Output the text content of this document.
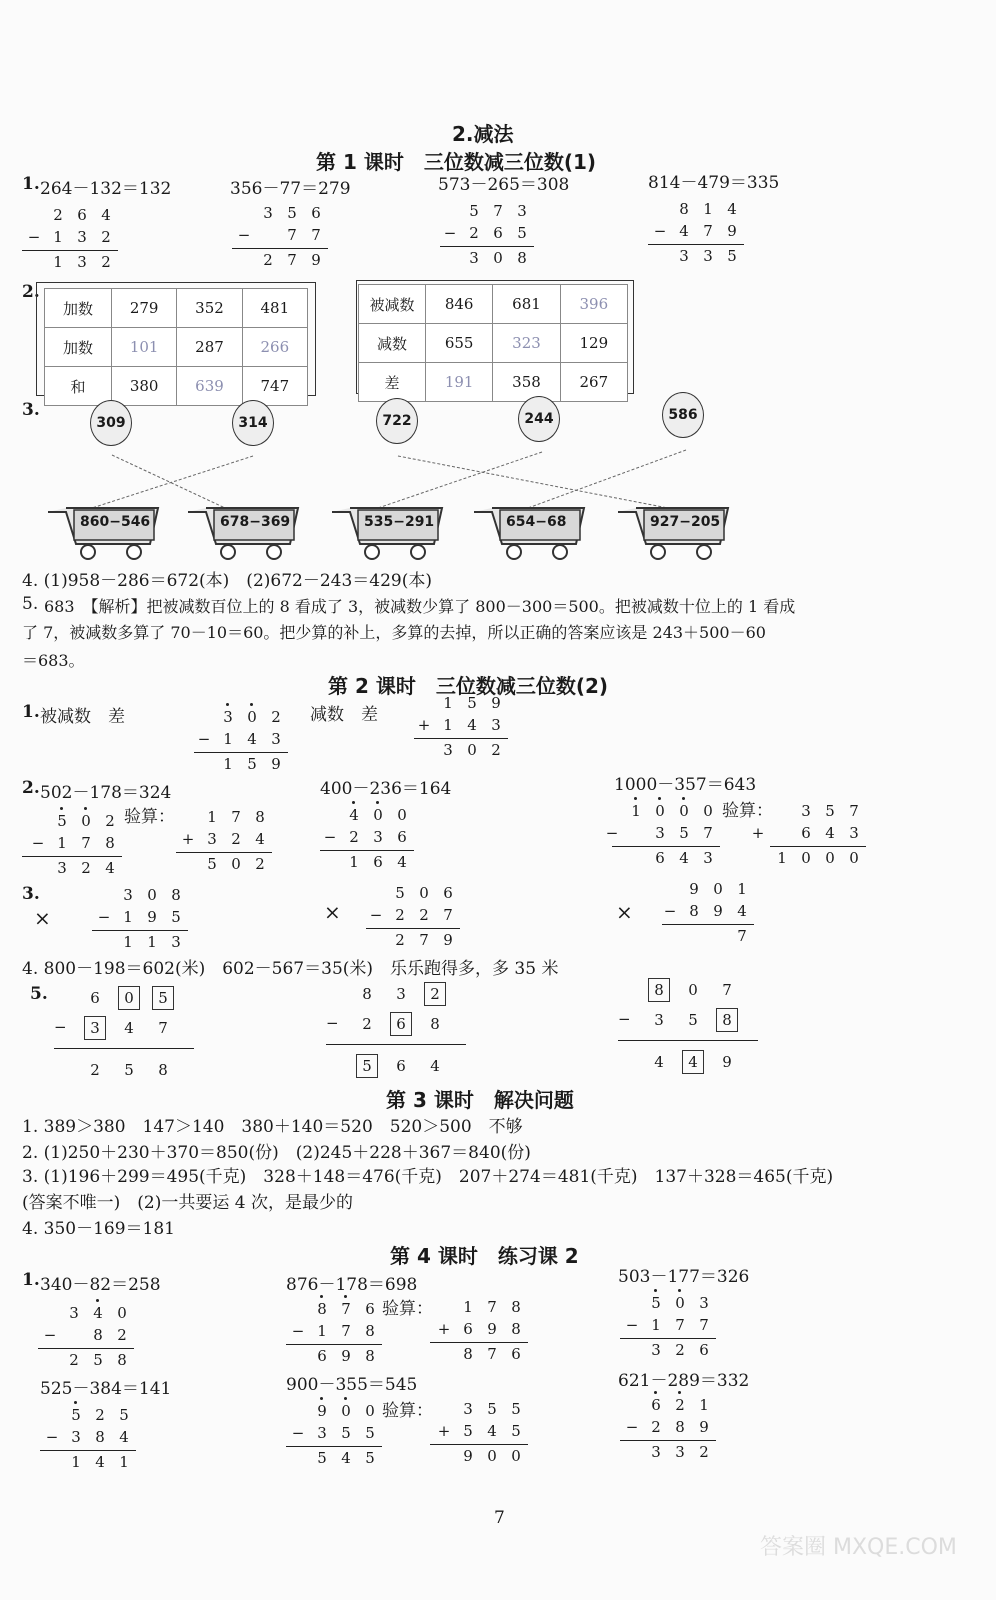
2.减法
第 1 课时　三位数减三位数(1)
1. 264－132＝132	356－77＝279	573－265＝308	814－479＝335
2 6 4
− 1 3 2
1 3 2
3 5 6
−	7 7
2 7 9
5 7 3
− 2 6 5
3 0 8
8 1 4
− 4 7 9
3 3 5
2.
加数	279	352	481
加数	101	287	266
和	380	639	747
被减数	846	681	396
减数	655	323	129
差	191	358	267
3.
309	314	722	244	586
860−546	678−369	535−291	654−68	927−205
4. (1)958－286＝672(本)　(2)672－243＝429(本)
5. 683　【解析】把被减数百位上的 8 看成了 3，被减数少算了 800－300＝500。把被减数十位上的 1 看成
了 7，被减数多算了 70－10＝60。把少算的补上，多算的去掉，所以正确的答案应该是 243＋500－60
＝683。
第 2 课时　三位数减三位数(2)
1. 被减数　差	3 0 2
− 1 4 3
1 5 9
减数　差
1 5 9
+ 1 4 3
3 0 2
2. 502－178＝324	400－236＝164	1000－357＝643
5 0 2
− 1 7 8
3 2 4
验算：	1 7 8
+ 3 2 4
5 0 2
4 0 0
− 2 3 6
1 6 4
1 0 0 0
−	3 5 7
6 4 3
验算：	3 5 7
+	6 4 3
1 0 0 0
3.
×
3 0 8
− 1 9 5
1 1 3
×
5 0 6
− 2 2 7
2 7 9
×
9 0 1
− 8 9 4
7
4. 800－198＝602(米)　602－567＝35(米)　乐乐跑得多，多 35 米
5.	6	0	5
3	4	7
2	5	8
−
8	3	2
2	6	8
5	6	4
−
8	0	7
3	5	8
4	4	9
−
第 3 课时　解决问题
1. 389＞380　147＞140　380＋140＝520　520＞500　不够
2. (1)250＋230＋370＝850(份)　(2)245＋228＋367＝840(份)
3. (1)196＋299＝495(千克)　328＋148＝476(千克)　207＋274＝481(千克)　137＋328＝465(千克)
(答案不唯一)　(2)一共要运 4 次，是最少的
4. 350－169＝181
第 4 课时　练习课 2
1. 340－82＝258	876－178＝698	503－177＝326
3 4 0
−	8 2
2 5 8
8 7 6
− 1 7 8
6 9 8
验算：	1 7 8
+ 6 9 8
8 7 6
5 0 3
− 1 7 7
3 2 6
525－384＝141	900－355＝545	621－289＝332
5 2 5
− 3 8 4
1 4 1
9 0 0
− 3 5 5
5 4 5
验算：	3 5 5
+ 5 4 5
9 0 0
6 2 1
− 2 8 9
3 3 2
7
答案圈 MXQE.COM
